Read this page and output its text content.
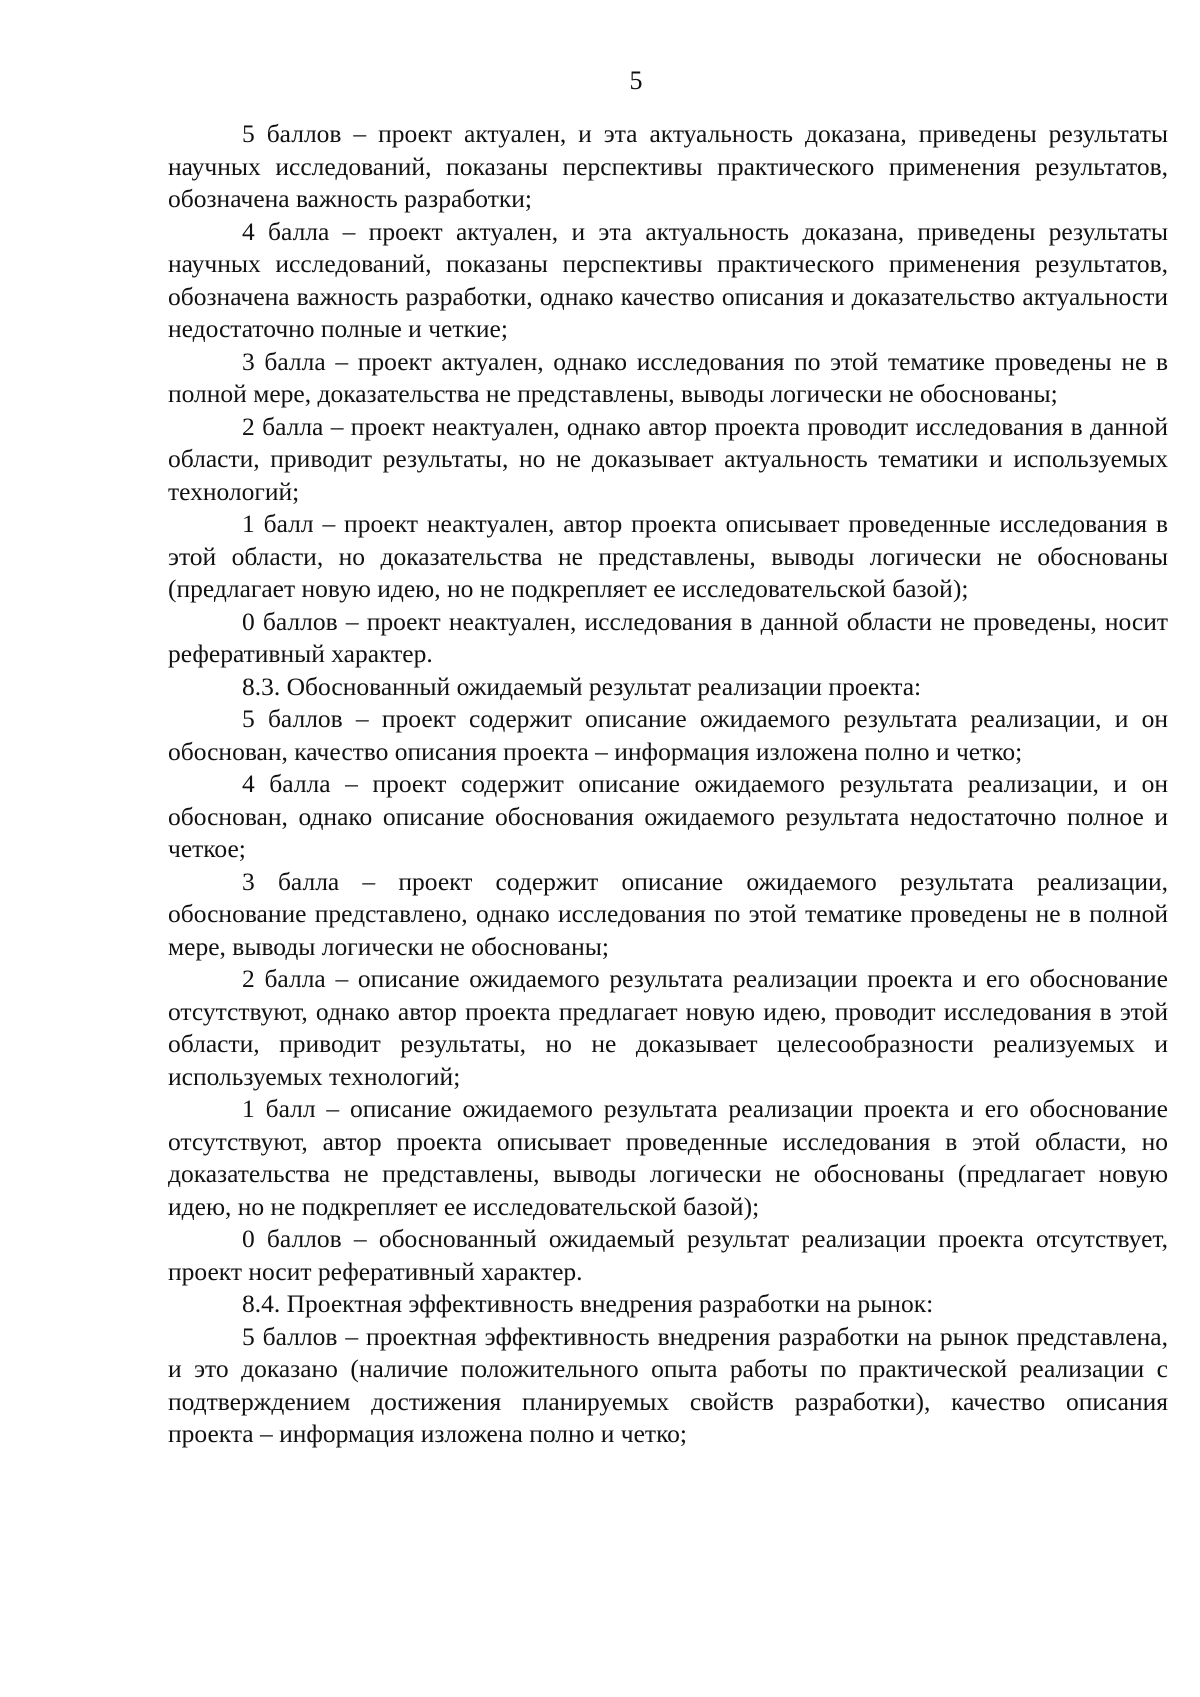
5

5 баллов – проект актуален, и эта актуальность доказана, приведены результаты научных исследований, показаны перспективы практического применения результатов, обозначена важность разработки;

4 балла – проект актуален, и эта актуальность доказана, приведены результаты научных исследований, показаны перспективы практического применения результатов, обозначена важность разработки, однако качество описания и доказательство актуальности недостаточно полные и четкие;

3 балла – проект актуален, однако исследования по этой тематике проведены не в полной мере, доказательства не представлены, выводы логически не обоснованы;

2 балла – проект неактуален, однако автор проекта проводит исследования в данной области, приводит результаты, но не доказывает актуальность тематики и используемых технологий;

1 балл – проект неактуален, автор проекта описывает проведенные исследования в этой области, но доказательства не представлены, выводы логически не обоснованы (предлагает новую идею, но не подкрепляет ее исследовательской базой);

0 баллов – проект неактуален, исследования в данной области не проведены, носит реферативный характер.

8.3. Обоснованный ожидаемый результат реализации проекта:

5 баллов – проект содержит описание ожидаемого результата реализации, и он обоснован, качество описания проекта – информация изложена полно и четко;

4 балла – проект содержит описание ожидаемого результата реализации, и он обоснован, однако описание обоснования ожидаемого результата недостаточно полное и четкое;

3 балла – проект содержит описание ожидаемого результата реализации, обоснование представлено, однако исследования по этой тематике проведены не в полной мере, выводы логически не обоснованы;

2 балла – описание ожидаемого результата реализации проекта и его обоснование отсутствуют, однако автор проекта предлагает новую идею, проводит исследования в этой области, приводит результаты, но не доказывает целесообразности реализуемых и используемых технологий;

1 балл – описание ожидаемого результата реализации проекта и его обоснование отсутствуют, автор проекта описывает проведенные исследования в этой области, но доказательства не представлены, выводы логически не обоснованы (предлагает новую идею, но не подкрепляет ее исследовательской базой);

0 баллов – обоснованный ожидаемый результат реализации проекта отсутствует, проект носит реферативный характер.

8.4. Проектная эффективность внедрения разработки на рынок:

5 баллов – проектная эффективность внедрения разработки на рынок представлена, и это доказано (наличие положительного опыта работы по практической реализации с подтверждением достижения планируемых свойств разработки), качество описания проекта – информация изложена полно и четко;
